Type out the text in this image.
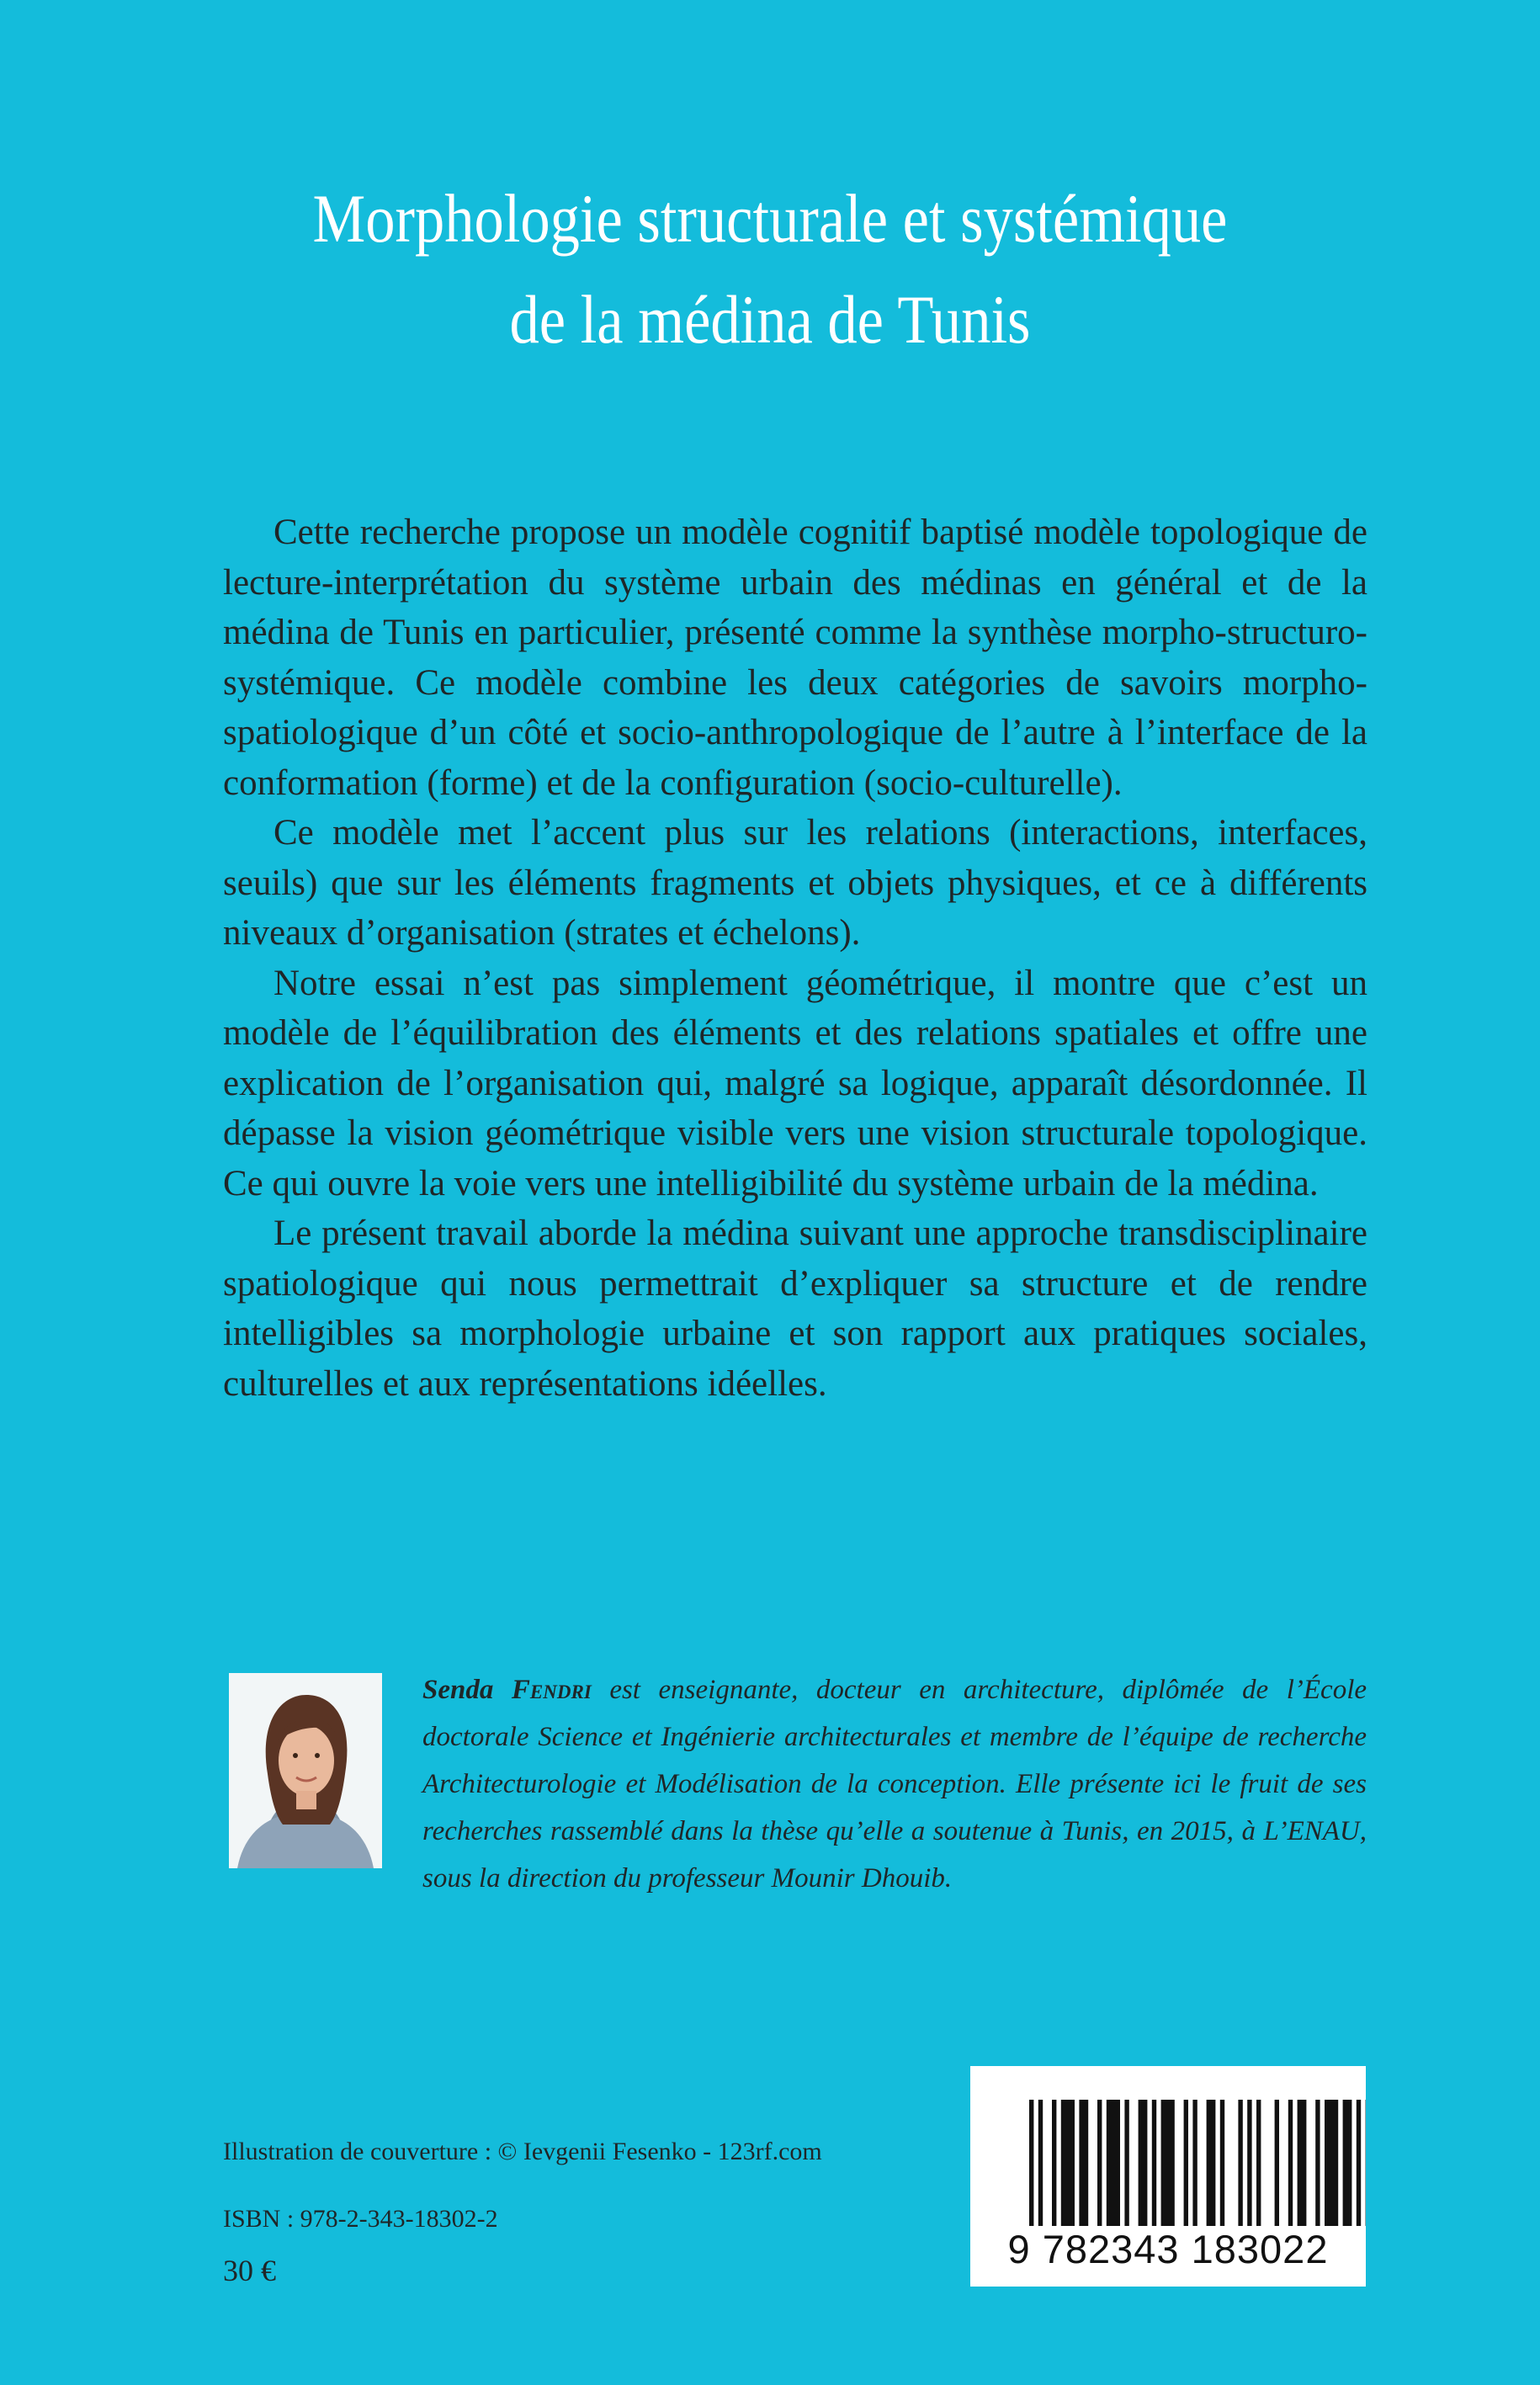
Morphologie structurale et systémique
de la médina de Tunis

Cette recherche propose un modèle cognitif baptisé modèle topologique de lecture-interprétation du système urbain des médinas en général et de la médina de Tunis en particulier, présenté comme la synthèse morpho-structuro-systémique. Ce modèle combine les deux catégories de savoirs morpho-spatiologique d’un côté et socio-anthropologique de l’autre à l’interface de la conformation (forme) et de la configuration (socio-culturelle).

Ce modèle met l’accent plus sur les relations (interactions, interfaces, seuils) que sur les éléments fragments et objets physiques, et ce à différents niveaux d’organisation (strates et échelons).

Notre essai n’est pas simplement géométrique, il montre que c’est un modèle de l’équilibration des éléments et des relations spatiales et offre une explication de l’organisation qui, malgré sa logique, apparaît désordonnée. Il dépasse la vision géométrique visible vers une vision structurale topologique. Ce qui ouvre la voie vers une intelligibilité du système urbain de la médina.

Le présent travail aborde la médina suivant une approche transdisciplinaire spatiologique qui nous permettrait d’expliquer sa structure et de rendre intelligibles sa morphologie urbaine et son rapport aux pratiques sociales, culturelles et aux représentations idéelles.

Senda Fendri est enseignante, docteur en architecture, diplômée de l’École doctorale Science et Ingénierie architecturales et membre de l’équipe de recherche Architecturologie et Modélisation de la conception. Elle présente ici le fruit de ses recherches rassemblé dans la thèse qu’elle a soutenue à Tunis, en 2015, à L’ENAU, sous la direction du professeur Mounir Dhouib.
Illustration de couverture : © Ievgenii Fesenko - 123rf.com
ISBN : 978-2-343-18302-2
30 €	9 782343 183022
